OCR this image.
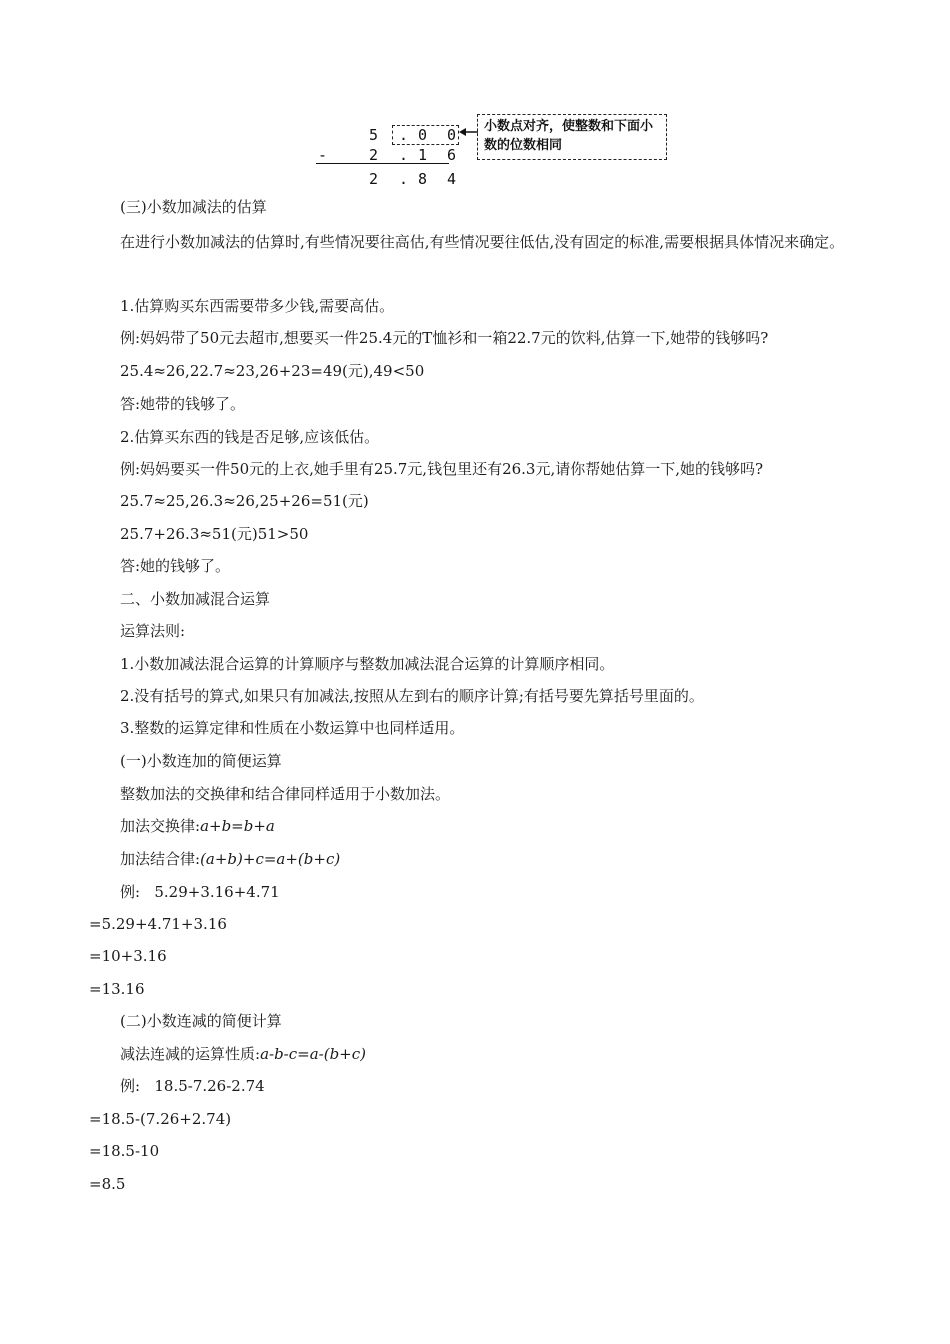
5 . 0 0
-	2 . 1 6
2 . 8 4
小数点对齐，使整数和下面小数的位数相同
(三)小数加减法的估算
在进行小数加减法的估算时,有些情况要往高估,有些情况要往低估,没有固定的标准,需要根据具体情况来确定。
1.估算购买东西需要带多少钱,需要高估。
例:妈妈带了50元去超市,想要买一件25.4元的T恤衫和一箱22.7元的饮料,估算一下,她带的钱够吗?
25.4≈26,22.7≈23,26+23=49(元),49<50
答:她带的钱够了。
2.估算买东西的钱是否足够,应该低估。
例:妈妈要买一件50元的上衣,她手里有25.7元,钱包里还有26.3元,请你帮她估算一下,她的钱够吗?
25.7≈25,26.3≈26,25+26=51(元)
25.7+26.3≈51(元)51>50
答:她的钱够了。
二、小数加减混合运算
运算法则:
1.小数加减法混合运算的计算顺序与整数加减法混合运算的计算顺序相同。
2.没有括号的算式,如果只有加减法,按照从左到右的顺序计算;有括号要先算括号里面的。
3.整数的运算定律和性质在小数运算中也同样适用。
(一)小数连加的简便运算
整数加法的交换律和结合律同样适用于小数加法。
加法交换律:a+b=b+a
加法结合律:(a+b)+c=a+(b+c)
例:   5.29+3.16+4.71
=5.29+4.71+3.16
=10+3.16
=13.16
(二)小数连减的简便计算
减法连减的运算性质:a-b-c=a-(b+c)
例:   18.5-7.26-2.74
=18.5-(7.26+2.74)
=18.5-10
=8.5
